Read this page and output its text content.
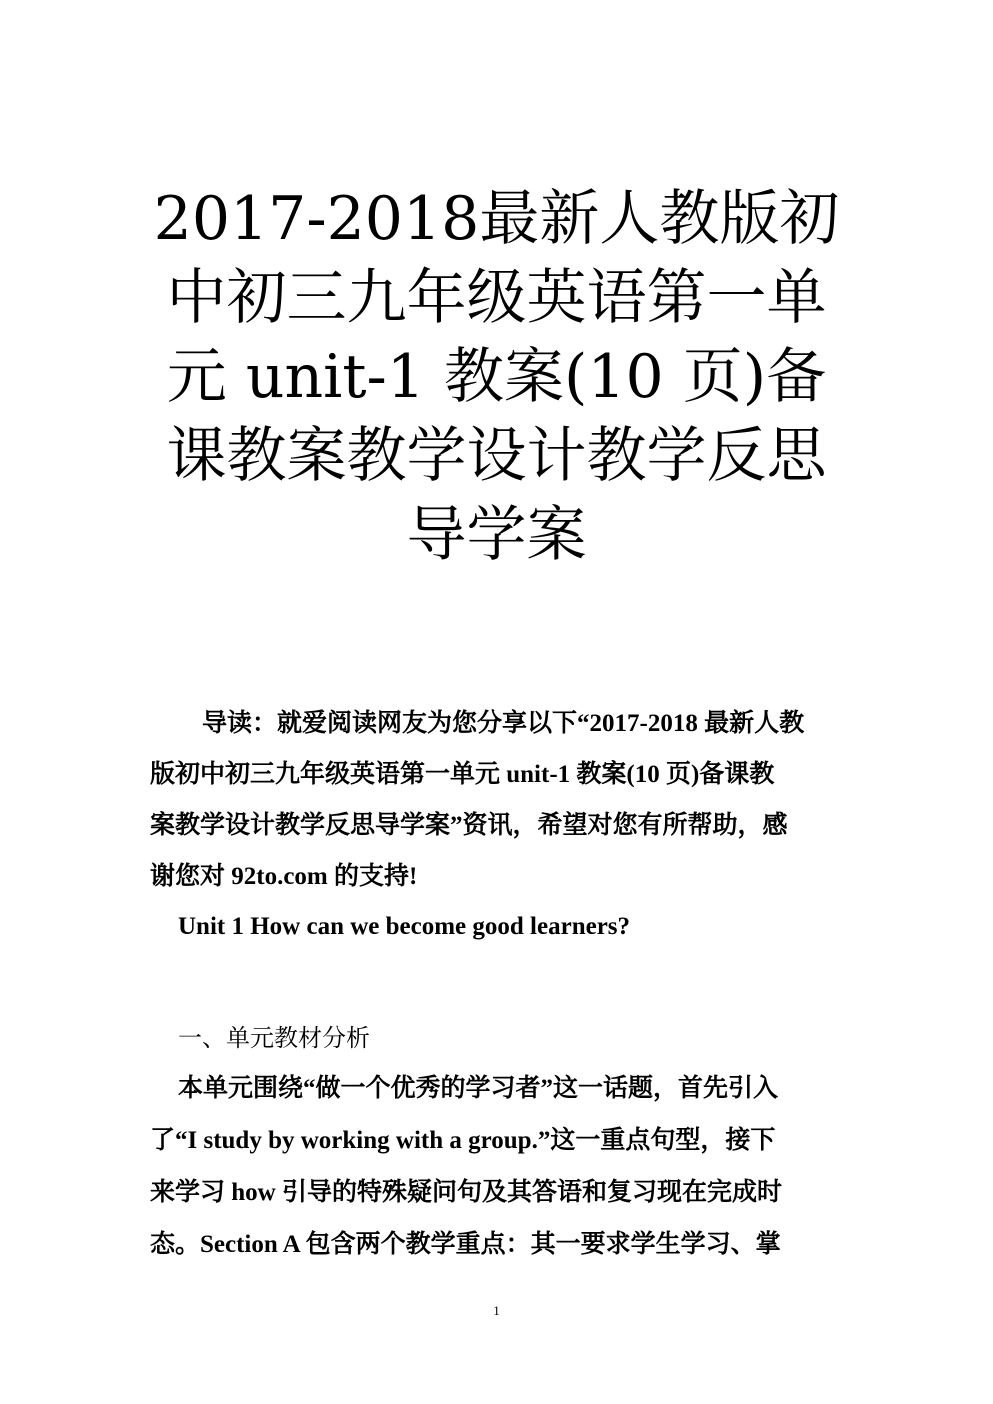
2017-2018最新人教版初
中初三九年级英语第一单
元 unit-1 教案(10 页)备
课教案教学设计教学反思
导学案
导读：就爱阅读网友为您分享以下“2017-2018 最新人教
版初中初三九年级英语第一单元 unit-1 教案(10 页)备课教
案教学设计教学反思导学案”资讯，希望对您有所帮助，感
谢您对 92to.com 的支持!
Unit 1 How can we become good learners?
一、单元教材分析
本单元围绕“做一个优秀的学习者”这一话题，首先引入
了“I study by working with a group.”这一重点句型，接下
来学习 how 引导的特殊疑问句及其答语和复习现在完成时
态。Section A 包含两个教学重点：其一要求学生学习、掌
1
